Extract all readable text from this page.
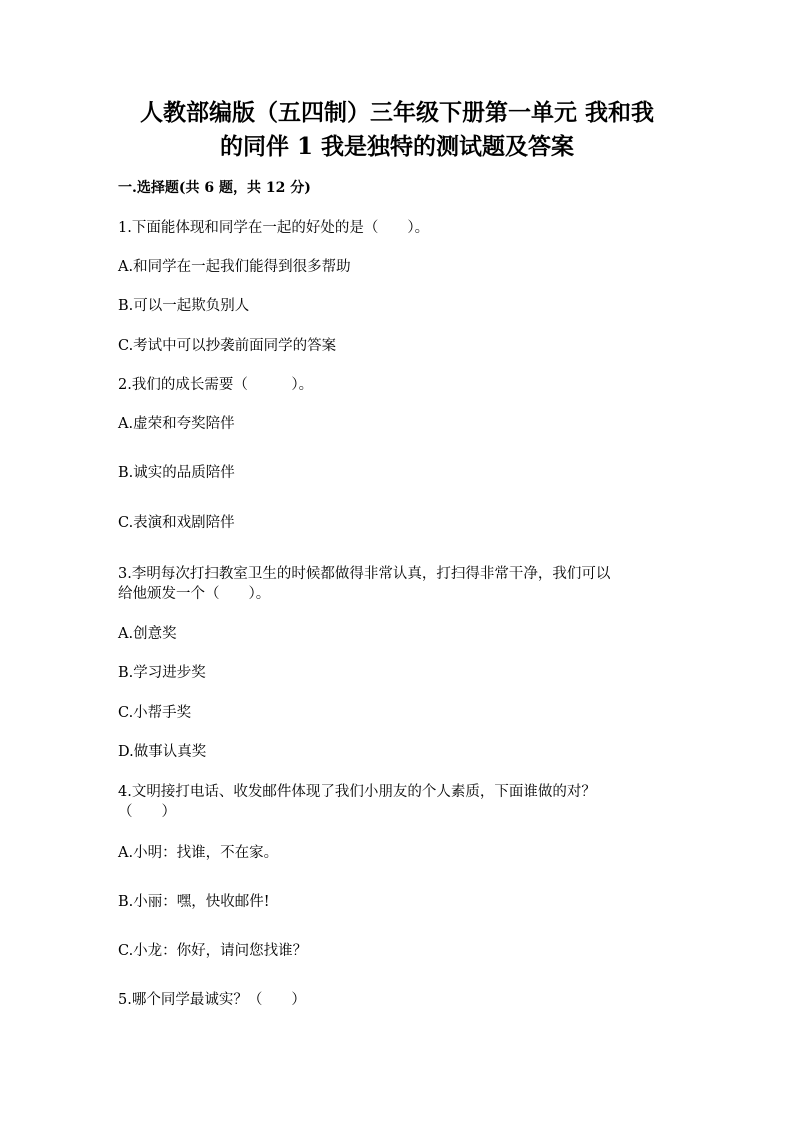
人教部编版（五四制）三年级下册第一单元 我和我
的同伴 1 我是独特的测试题及答案

一.选择题(共 6 题，共 12 分)

1.下面能体现和同学在一起的好处的是（　　）。

A.和同学在一起我们能得到很多帮助

B.可以一起欺负别人

C.考试中可以抄袭前面同学的答案

2.我们的成长需要（　　　）。

A.虚荣和夸奖陪伴

B.诚实的品质陪伴

C.表演和戏剧陪伴

3.李明每次打扫教室卫生的时候都做得非常认真，打扫得非常干净，我们可以

给他颁发一个（　　）。

A.创意奖

B.学习进步奖

C.小帮手奖

D.做事认真奖

4.文明接打电话、收发邮件体现了我们小朋友的个人素质，下面谁做的对？

（　　）

A.小明：找谁，不在家。

B.小丽：嘿，快收邮件!

C.小龙：你好，请问您找谁？

5.哪个同学最诚实？（　　）
